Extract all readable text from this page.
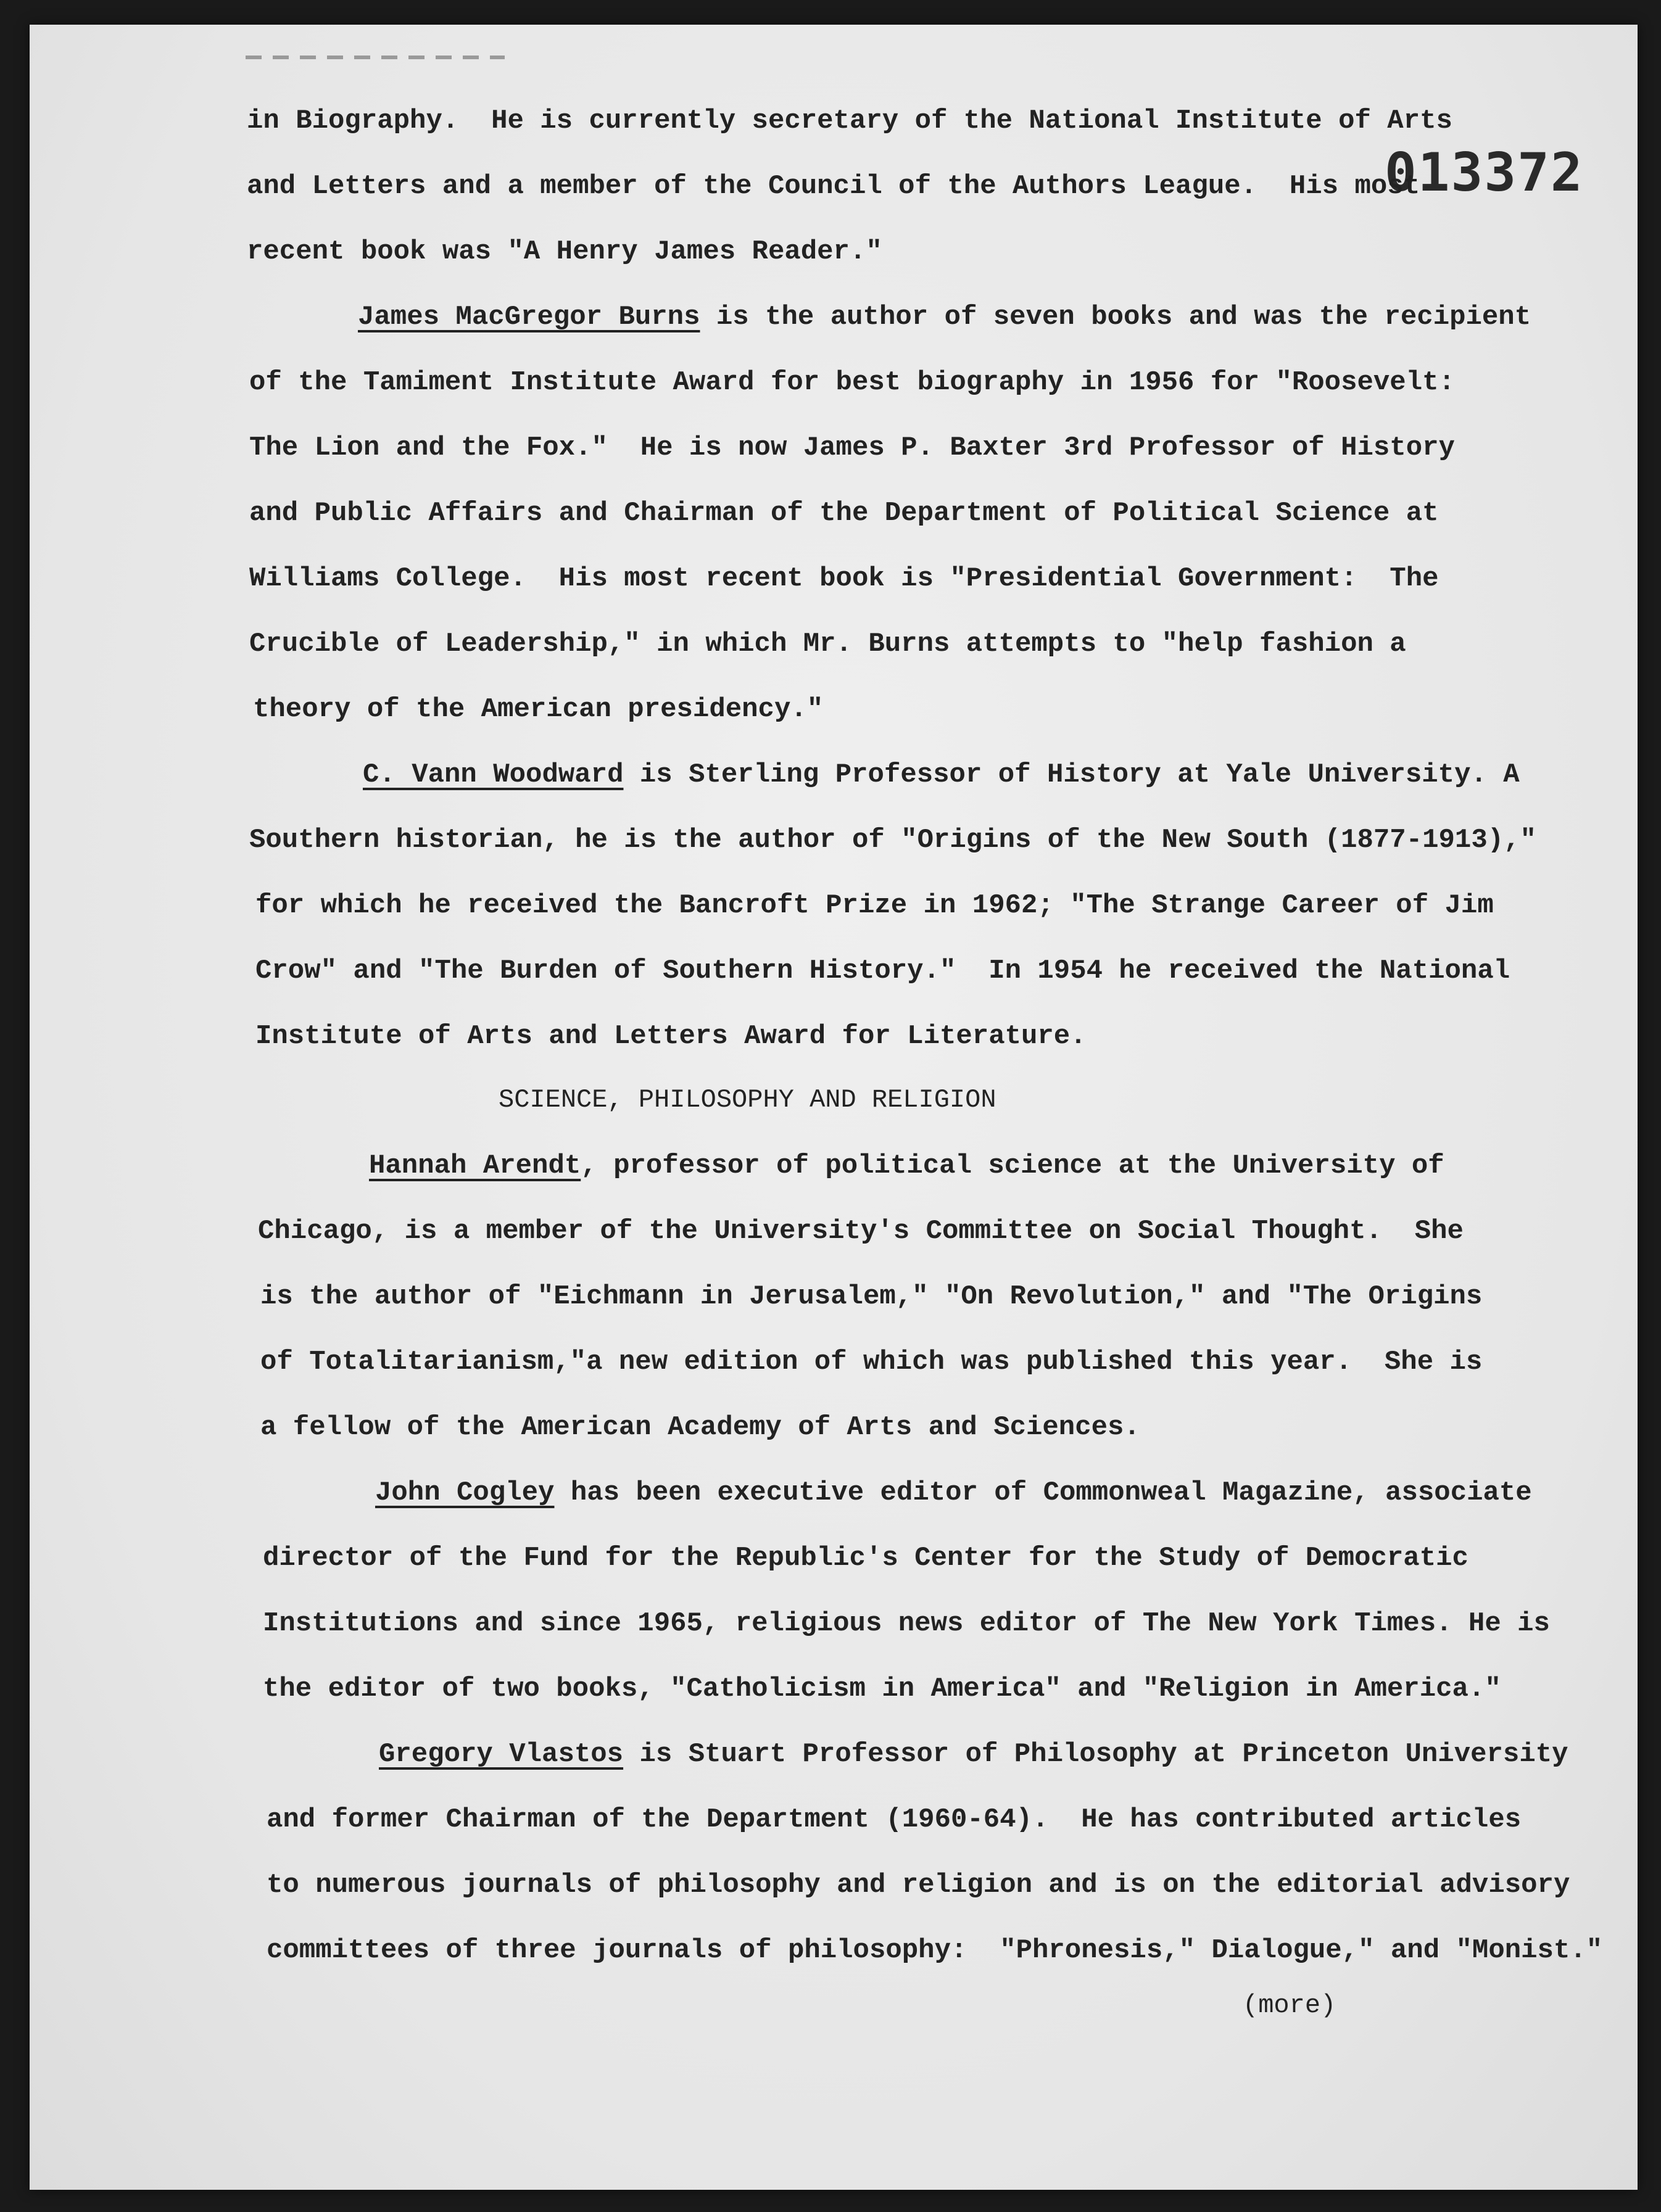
013372
in Biography.  He is currently secretary of the National Institute of Arts
and Letters and a member of the Council of the Authors League.  His most
recent book was "A Henry James Reader."
James MacGregor Burns is the author of seven books and was the recipient
of the Tamiment Institute Award for best biography in 1956 for "Roosevelt:
The Lion and the Fox."  He is now James P. Baxter 3rd Professor of History
and Public Affairs and Chairman of the Department of Political Science at
Williams College.  His most recent book is "Presidential Government:  The
Crucible of Leadership," in which Mr. Burns attempts to "help fashion a
theory of the American presidency."
C. Vann Woodward is Sterling Professor of History at Yale University. A
Southern historian, he is the author of "Origins of the New South (1877-1913),"
for which he received the Bancroft Prize in 1962; "The Strange Career of Jim
Crow" and "The Burden of Southern History."  In 1954 he received the National
Institute of Arts and Letters Award for Literature.
SCIENCE, PHILOSOPHY AND RELIGION
Hannah Arendt, professor of political science at the University of
Chicago, is a member of the University's Committee on Social Thought.  She
is the author of "Eichmann in Jerusalem," "On Revolution," and "The Origins
of Totalitarianism,"a new edition of which was published this year.  She is
a fellow of the American Academy of Arts and Sciences.
John Cogley has been executive editor of Commonweal Magazine, associate
director of the Fund for the Republic's Center for the Study of Democratic
Institutions and since 1965, religious news editor of The New York Times. He is
the editor of two books, "Catholicism in America" and "Religion in America."
Gregory Vlastos is Stuart Professor of Philosophy at Princeton University
and former Chairman of the Department (1960-64).  He has contributed articles
to numerous journals of philosophy and religion and is on the editorial advisory
committees of three journals of philosophy:  "Phronesis," Dialogue," and "Monist."
(more)
